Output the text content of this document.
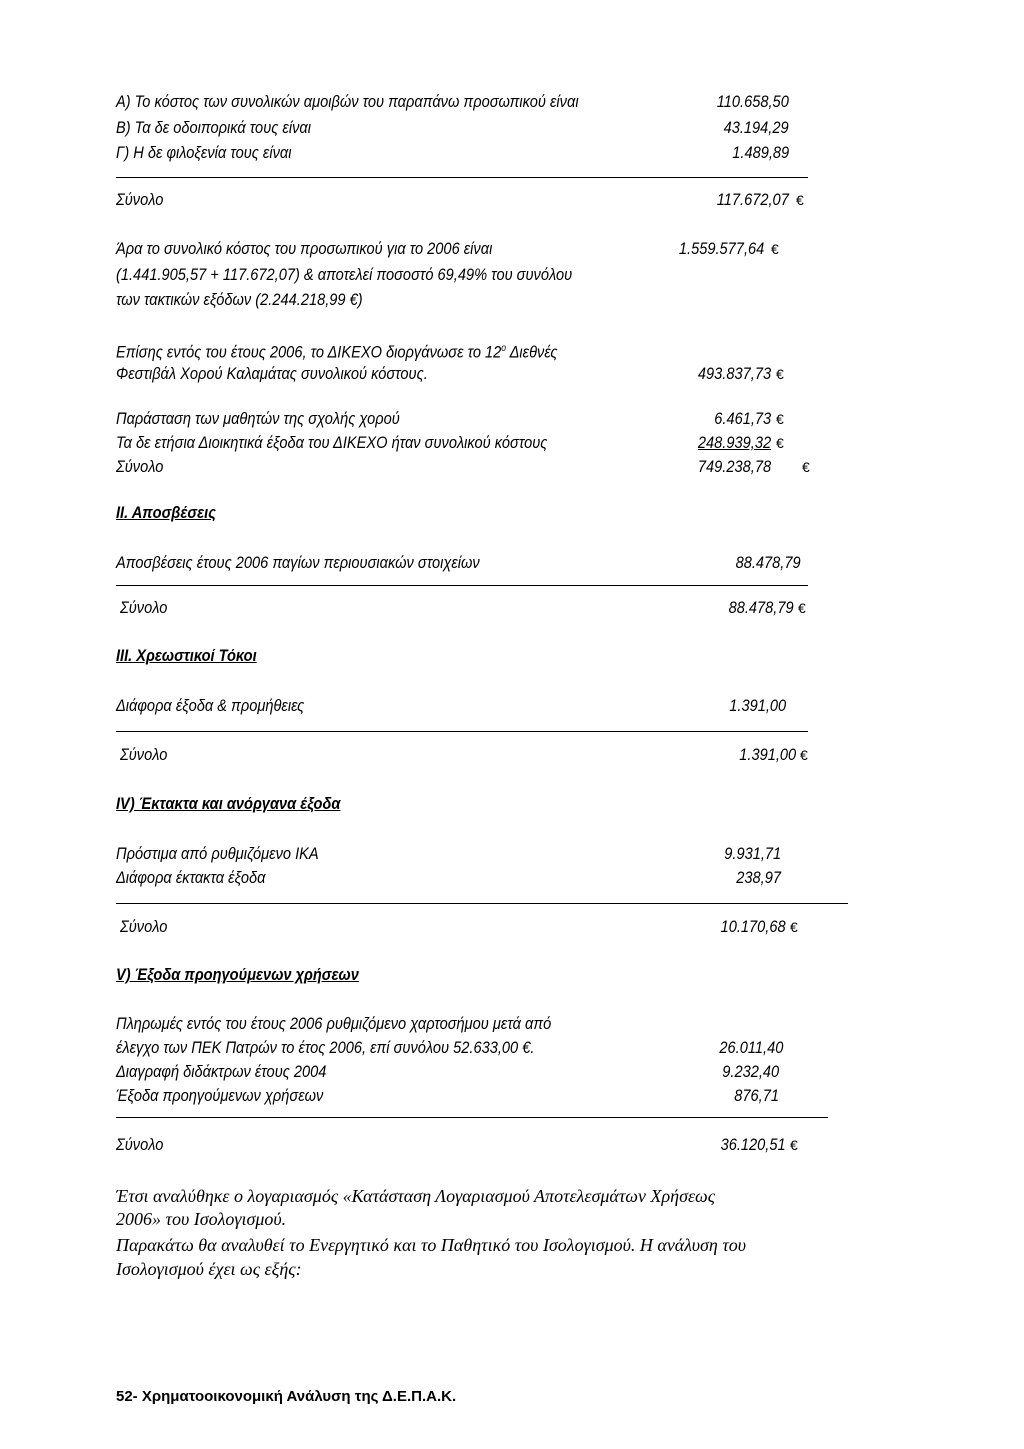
Α) Το κόστος των συνολικών αμοιβών του παραπάνω προσωπικού είναι	110.658,50
Β) Τα δε οδοιπορικά τους είναι	43.194,29
Γ) Η δε φιλοξενία τους είναι	1.489,89
Σύνολο	117.672,07 €
Άρα το συνολικό κόστος του προσωπικού για το 2006 είναι	1.559.577,64 €
(1.441.905,57 + 117.672,07) & αποτελεί ποσοστό 69,49% του συνόλου
των τακτικών εξόδων (2.244.218,99 €)
Επίσης εντός του έτους 2006, το ΔΙΚΕΧΟ διοργάνωσε το $12^o$ Διεθνές
Φεστιβάλ Χορού Καλαμάτας συνολικού κόστους.	493.837,73 €
Παράσταση των μαθητών της σχολής χορού	6.461,73 €
Τα δε ετήσια Διοικητικά έξοδα του ΔΙΚΕΧΟ ήταν συνολικού κόστους	248.939,32 €
Σύνολο	749.238,78 €
ΙΙ. Αποσβέσεις
Αποσβέσεις έτους 2006 παγίων περιουσιακών στοιχείων	88.478,79
Σύνολο	88.478,79 €
ΙΙΙ. Χρεωστικοί Τόκοι
Διάφορα έξοδα & προμήθειες	1.391,00
Σύνολο	1.391,00 €
IV) Έκτακτα και ανόργανα έξοδα
Πρόστιμα από ρυθμιζόμενο ΙΚΑ	9.931,71
Διάφορα έκτακτα έξοδα	238,97
Σύνολο	10.170,68 €
V) Έξοδα προηγούμενων χρήσεων
Πληρωμές εντός του έτους 2006 ρυθμιζόμενο χαρτοσήμου μετά από
έλεγχο των ΠΕΚ Πατρών το έτος 2006, επί συνόλου 52.633,00 €.	26.011,40
Διαγραφή διδάκτρων έτους 2004	9.232,40
Έξοδα προηγούμενων χρήσεων	876,71
Σύνολο	36.120,51 €
Έτσι αναλύθηκε ο λογαριασμός «Κατάσταση Λογαριασμού Αποτελεσμάτων Χρήσεως
2006» του Ισολογισμού.
Παρακάτω θα αναλυθεί το Ενεργητικό και το Παθητικό του Ισολογισμού. Η ανάλυση του
Ισολογισμού έχει ως εξής:
52- Χρηματοοικονομική Ανάλυση της Δ.Ε.Π.Α.Κ.
